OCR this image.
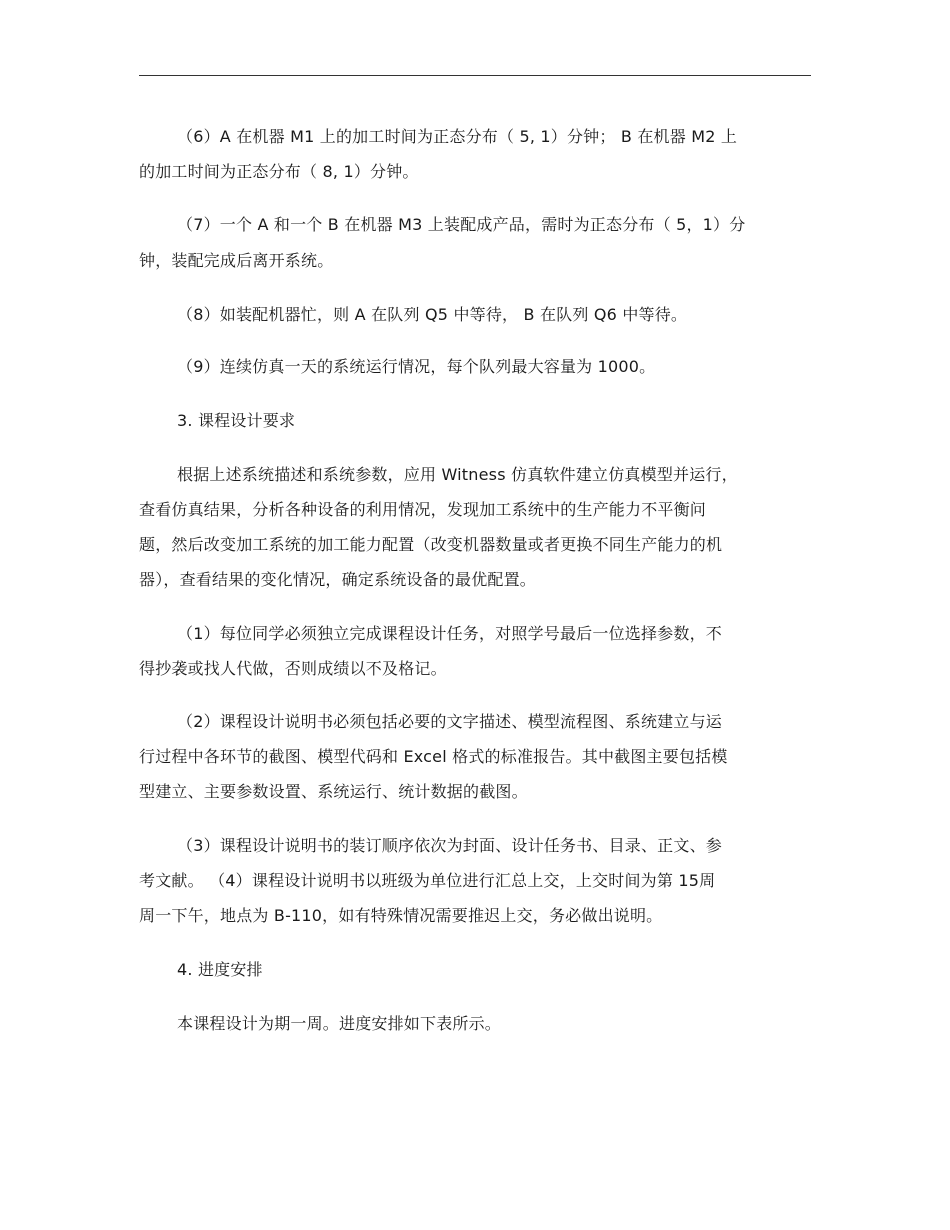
（6）A 在机器 M1 上的加工时间为正态分布（ 5, 1）分钟； B 在机器 M2 上
的加工时间为正态分布（ 8, 1）分钟。
（7）一个 A 和一个 B 在机器 M3 上装配成产品，需时为正态分布（ 5，1）分
钟，装配完成后离开系统。
（8）如装配机器忙，则 A 在队列 Q5 中等待， B 在队列 Q6 中等待。
（9）连续仿真一天的系统运行情况，每个队列最大容量为 1000。
3. 课程设计要求
根据上述系统描述和系统参数，应用 Witness 仿真软件建立仿真模型并运行，
查看仿真结果，分析各种设备的利用情况，发现加工系统中的生产能力不平衡问
题，然后改变加工系统的加工能力配置（改变机器数量或者更换不同生产能力的机
器），查看结果的变化情况，确定系统设备的最优配置。
（1）每位同学必须独立完成课程设计任务，对照学号最后一位选择参数，不
得抄袭或找人代做，否则成绩以不及格记。
（2）课程设计说明书必须包括必要的文字描述、模型流程图、系统建立与运
行过程中各环节的截图、模型代码和 Excel 格式的标准报告。其中截图主要包括模
型建立、主要参数设置、系统运行、统计数据的截图。
（3）课程设计说明书的装订顺序依次为封面、设计任务书、目录、正文、参
考文献。 （4）课程设计说明书以班级为单位进行汇总上交，上交时间为第 15周
周一下午，地点为 B-110，如有特殊情况需要推迟上交，务必做出说明。
4. 进度安排
本课程设计为期一周。进度安排如下表所示。
